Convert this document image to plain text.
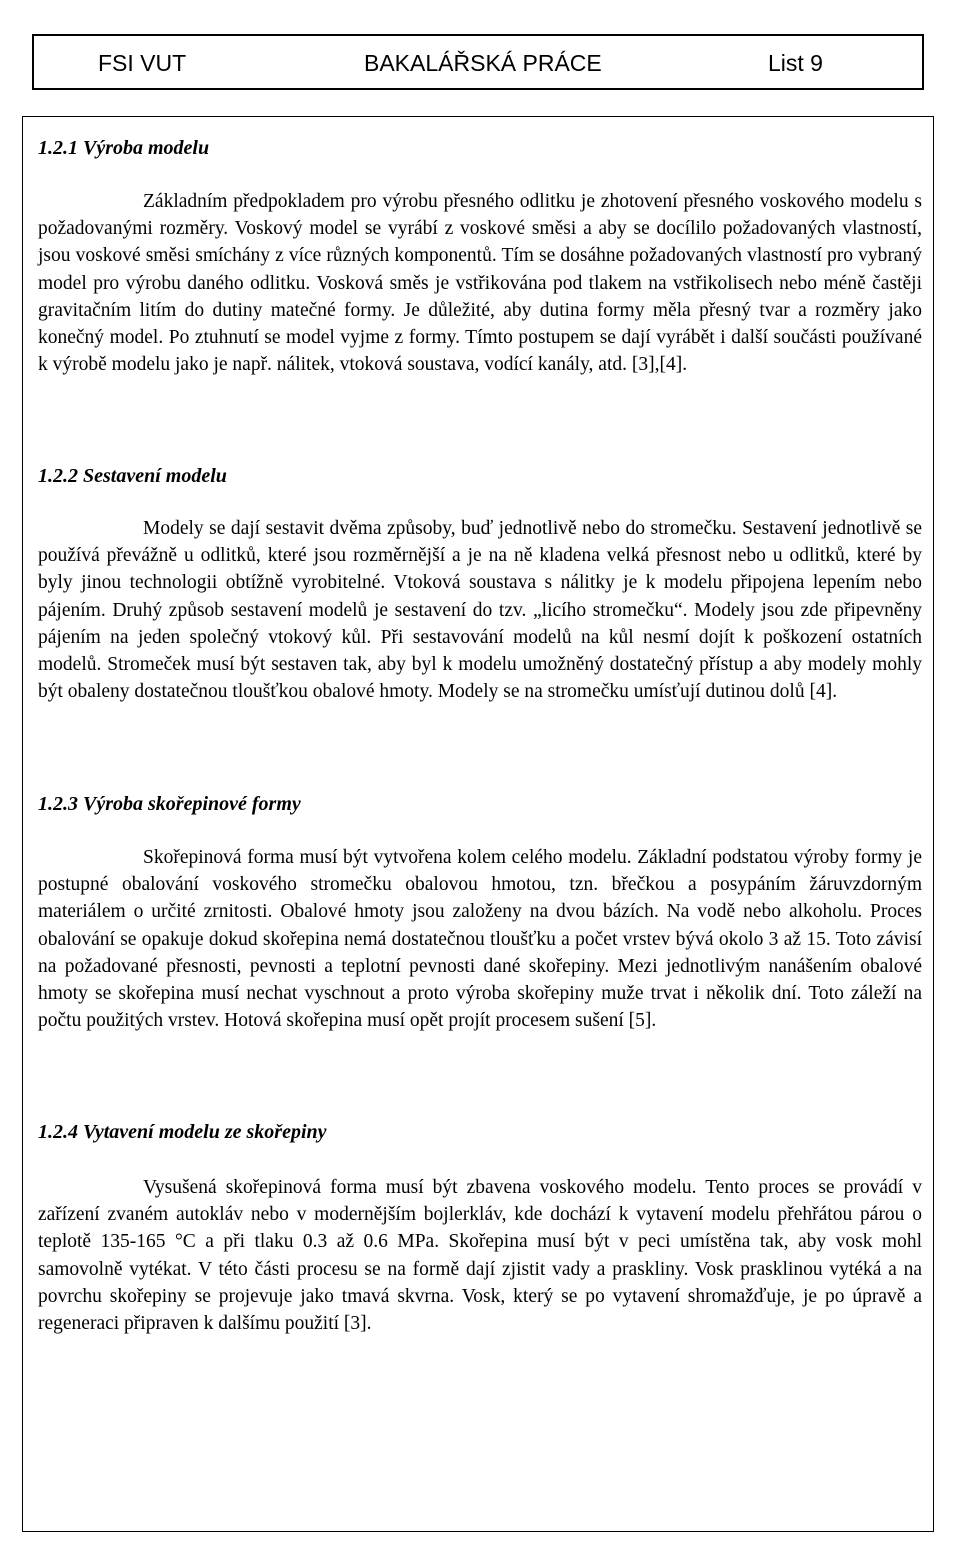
FSI VUT	BAKALÁŘSKÁ PRÁCE	List 9
1.2.1 Výroba modelu

Základním předpokladem pro výrobu přesného odlitku je zhotovení přesného voskového modelu s požadovanými rozměry. Voskový model se vyrábí z voskové směsi a aby se docílilo požadovaných vlastností, jsou voskové směsi smíchány z více různých komponentů. Tím se dosáhne požadovaných vlastností pro vybraný model pro výrobu daného odlitku. Vosková směs je vstřikována pod tlakem na vstřikolisech nebo méně častěji gravitačním litím do dutiny matečné formy. Je důležité, aby dutina formy měla přesný tvar a rozměry jako konečný model. Po ztuhnutí se model vyjme z formy. Tímto postupem se dají vyrábět i další součásti používané k výrobě modelu jako je např. nálitek, vtoková soustava, vodící kanály, atd. [3],[4].

1.2.2 Sestavení modelu

Modely se dají sestavit dvěma způsoby, buď jednotlivě nebo do stromečku. Sestavení jednotlivě se používá převážně u odlitků, které jsou rozměrnější a je na ně kladena velká přesnost nebo u odlitků, které by byly jinou technologii obtížně vyrobitelné. Vtoková soustava s nálitky je k modelu připojena lepením nebo pájením. Druhý způsob sestavení modelů je sestavení do tzv. „licího stromečku“. Modely jsou zde připevněny pájením na jeden společný vtokový kůl. Při sestavování modelů na kůl nesmí dojít k poškození ostatních modelů. Stromeček musí být sestaven tak, aby byl k modelu umožněný dostatečný přístup a aby modely mohly být obaleny dostatečnou tloušťkou obalové hmoty. Modely se na stromečku umísťují dutinou dolů [4].

1.2.3 Výroba skořepinové formy

Skořepinová forma musí být vytvořena kolem celého modelu. Základní podstatou výroby formy je postupné obalování voskového stromečku obalovou hmotou, tzn. břečkou a posypáním žáruvzdorným materiálem o určité zrnitosti. Obalové hmoty jsou založeny na dvou bázích. Na vodě nebo alkoholu. Proces obalování se opakuje dokud skořepina nemá dostatečnou tloušťku a počet vrstev bývá okolo 3 až 15. Toto závisí na požadované přesnosti, pevnosti a teplotní pevnosti dané skořepiny. Mezi jednotlivým nanášením obalové hmoty se skořepina musí nechat vyschnout a proto výroba skořepiny muže trvat i několik dní. Toto záleží na počtu použitých vrstev. Hotová skořepina musí opět projít procesem sušení [5].

1.2.4 Vytavení modelu ze skořepiny

Vysušená skořepinová forma musí být zbavena voskového modelu. Tento proces se provádí v zařízení zvaném autokláv nebo v modernějším bojlerkláv, kde dochází k vytavení modelu přehřátou párou o teplotě 135-165 °C a při tlaku 0.3 až 0.6 MPa. Skořepina musí být v peci umístěna tak, aby vosk mohl samovolně vytékat. V této části procesu se na formě dají zjistit vady a praskliny. Vosk prasklinou vytéká a na povrchu skořepiny se projevuje jako tmavá skvrna. Vosk, který se po vytavení shromažďuje, je po úpravě a regeneraci připraven k dalšímu použití [3].
